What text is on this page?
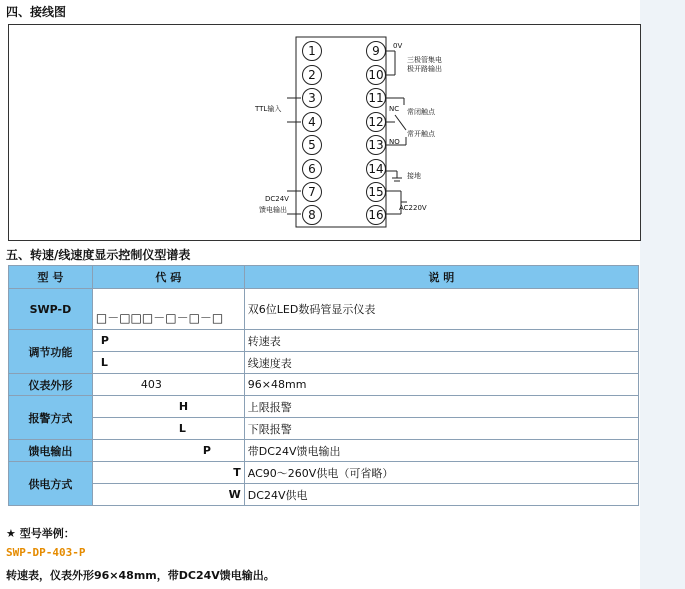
四、接线图
1
2
3
4
5
6
7
8
9
10
11
12
13
14
15
16
0V
三极管集电
极开路输出
TTL输入	NC 常闭触点
常开触点
NO
接地
DC24V
馈电输出	AC220V
五、转速/线速度显示控制仪型谱表
型 号	代 码	说 明
SWP-D	□－□□□－□－□－□	双6位LED数码管显示仪表
调节功能	P	转速表
	L	线速度表
仪表外形	403	96×48mm
报警方式	H	上限报警
	L	下限报警
馈电输出	P	带DC24V馈电输出
供电方式	T	AC90～260V供电（可省略）
	W	DC24V供电
★ 型号举例：
SWP-DP-403-P
转速表，仪表外形96×48mm，带DC24V馈电输出。
